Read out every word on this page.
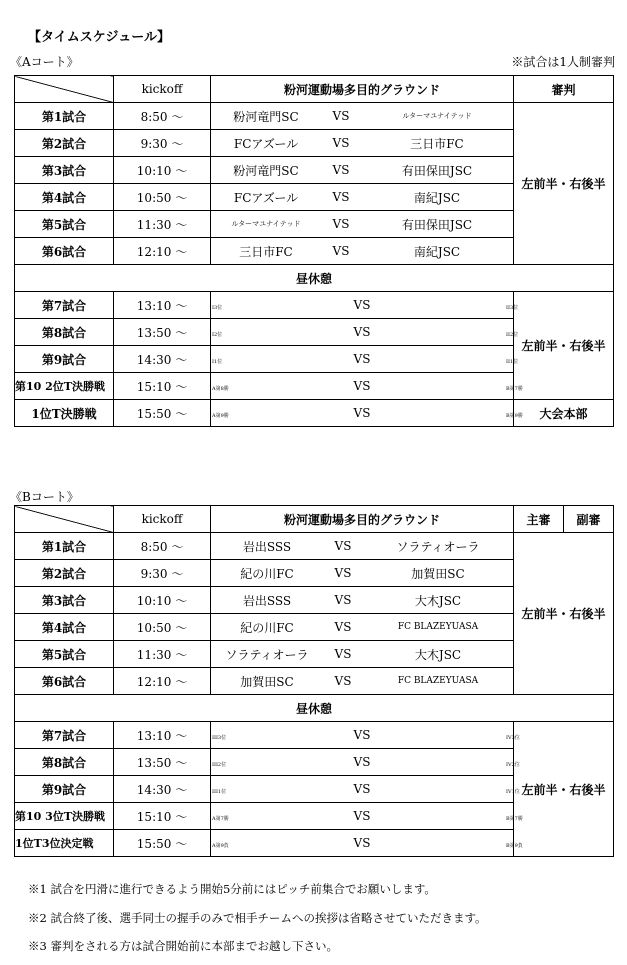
【タイムスケジュール】
《Aコート》	※試合は1人制審判
	kickoff	粉河運動場多目的グラウンド	審判
第1試合	8:50 ～	粉河竜門SC VS ルターマユナイテッド	左前半・右後半
第2試合	9:30 ～	FCアズール VS 三日市FC	

第3試合	10:10 ～	粉河竜門SC VS 有田保田JSC	

第4試合	10:50 ～	FCアズール VS 南紀JSC	

第5試合	11:30 ～	ルターマユナイテッド VS 有田保田JSC	

第6試合	12:10 ～	三日市FC VS 南紀JSC	

昼休憩			
第7試合	13:10 ～	I3位 VS II3位	左前半・右後半
第8試合	13:50 ～	I2位 VS II2位	

第9試合	14:30 ～	I1位 VS II1位	

第10 2位T決勝戦	15:10 ～	A第8勝 VS B第7勝	

1位T決勝戦	15:50 ～	A第9勝 VS B第9勝	大会本部
《Bコート》
	kickoff	粉河運動場多目的グラウンド	主審	副審
第1試合	8:50 ～	岩出SSS VS ソラティオーラ	左前半・右後半	
第2試合	9:30 ～	紀の川FC VS 加賀田SC		

第3試合	10:10 ～	岩出SSS VS 大木JSC		

第4試合	10:50 ～	紀の川FC VS FC BLAZEYUASA		

第5試合	11:30 ～	ソラティオーラ VS 大木JSC		

第6試合	12:10 ～	加賀田SC VS FC BLAZEYUASA		

昼休憩				
第7試合	13:10 ～	III3位 VS IV3位	左前半・右後半	
第8試合	13:50 ～	III2位 VS IV2位		

第9試合	14:30 ～	III1位 VS IV1位		

第10 3位T決勝戦	15:10 ～	A第7勝 VS B第7勝		

1位T3位決定戦	15:50 ～	A第9負 VS B第9負		
※1 試合を円滑に進行できるよう開始5分前にはピッチ前集合でお願いします。
※2 試合終了後、選手同士の握手のみで相手チームへの挨拶は省略させていただきます。
※3 審判をされる方は試合開始前に本部までお越し下さい。
